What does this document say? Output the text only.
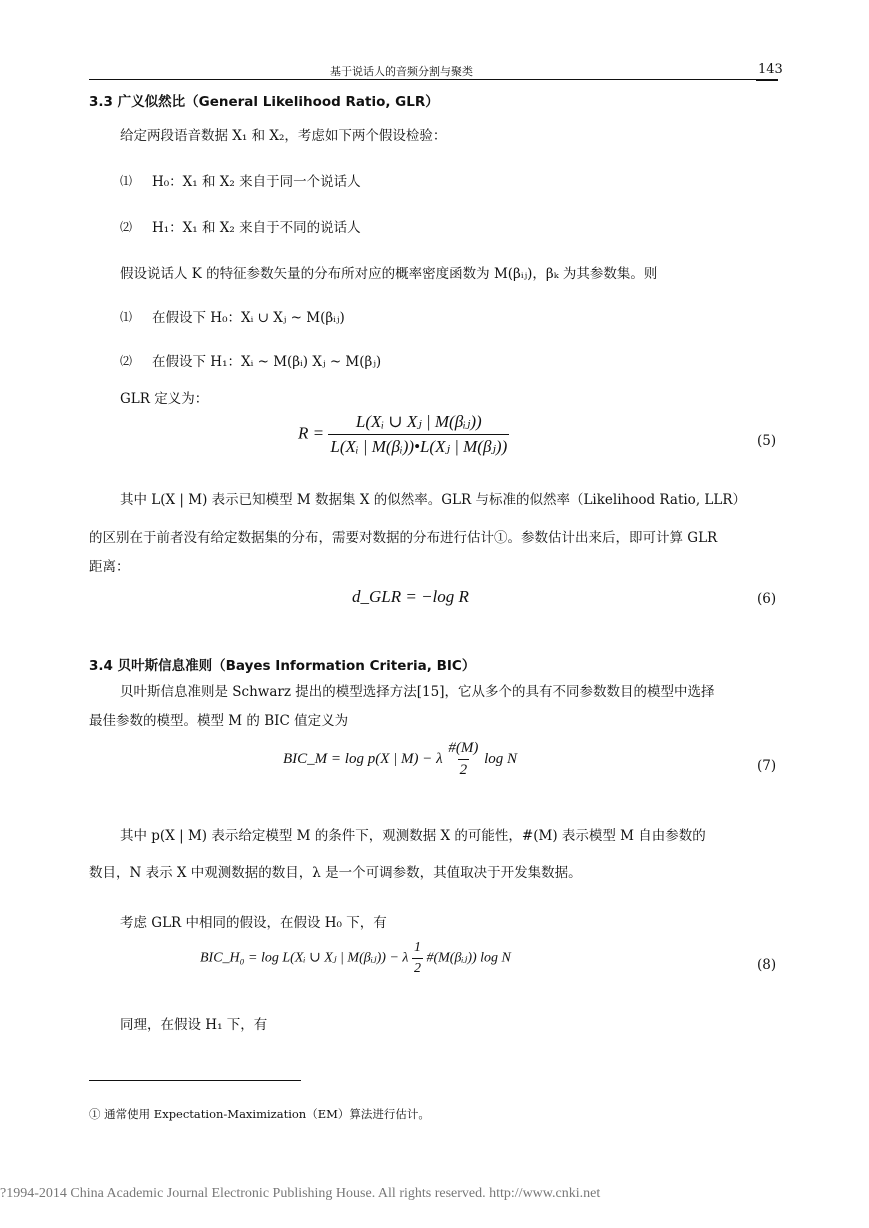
基于说话人的音频分割与聚类	143
3.3 广义似然比（General Likelihood Ratio, GLR）
给定两段语音数据 X₁ 和 X₂，考虑如下两个假设检验：
⑴ H₀：X₁ 和 X₂ 来自于同一个说话人
⑵ H₁：X₁ 和 X₂ 来自于不同的说话人
假设说话人 K 的特征参数矢量的分布所对应的概率密度函数为 M(βᵢⱼ)，βₖ 为其参数集。则
⑴ 在假设下 H₀：Xᵢ ∪ Xⱼ ~ M(βᵢⱼ)
⑵ 在假设下 H₁：Xᵢ ~ M(βᵢ) Xⱼ ~ M(βⱼ)
GLR 定义为：
$R = \frac{\text{L(Xᵢ ∪ Xⱼ | M(βᵢⱼ))}}{\text{L(Xᵢ | M(βᵢ))•L(Xⱼ | M(βⱼ))}}$	(5)
其中 L(X | M) 表示已知模型 M 数据集 X 的似然率。GLR 与标准的似然率（Likelihood Ratio, LLR）
的区别在于前者没有给定数据集的分布，需要对数据的分布进行估计①。参数估计出来后，即可计算 GLR
距离：
d_GLR = −log R	(6)
3.4 贝叶斯信息准则（Bayes Information Criteria, BIC）
贝叶斯信息准则是 Schwarz 提出的模型选择方法[15]，它从多个的具有不同参数数目的模型中选择
最佳参数的模型。模型 M 的 BIC 值定义为
BIC_M = log p(X | M) − λ $\frac{\#(M)}{2}$ log N	(7)
其中 p(X | M) 表示给定模型 M 的条件下，观测数据 X 的可能性，#(M) 表示模型 M 自由参数的
数目，N 表示 X 中观测数据的数目，λ 是一个可调参数，其值取决于开发集数据。
考虑 GLR 中相同的假设，在假设 H₀ 下，有
BIC_H₀ = log L(Xᵢ ∪ Xⱼ | M(βᵢⱼ)) − λ $\frac{1}{2}$ #(M(βᵢⱼ)) log N	(8)
同理，在假设 H₁ 下，有
① 通常使用 Expectation-Maximization（EM）算法进行估计。
?1994-2014 China Academic Journal Electronic Publishing House. All rights reserved. http://www.cnki.net
